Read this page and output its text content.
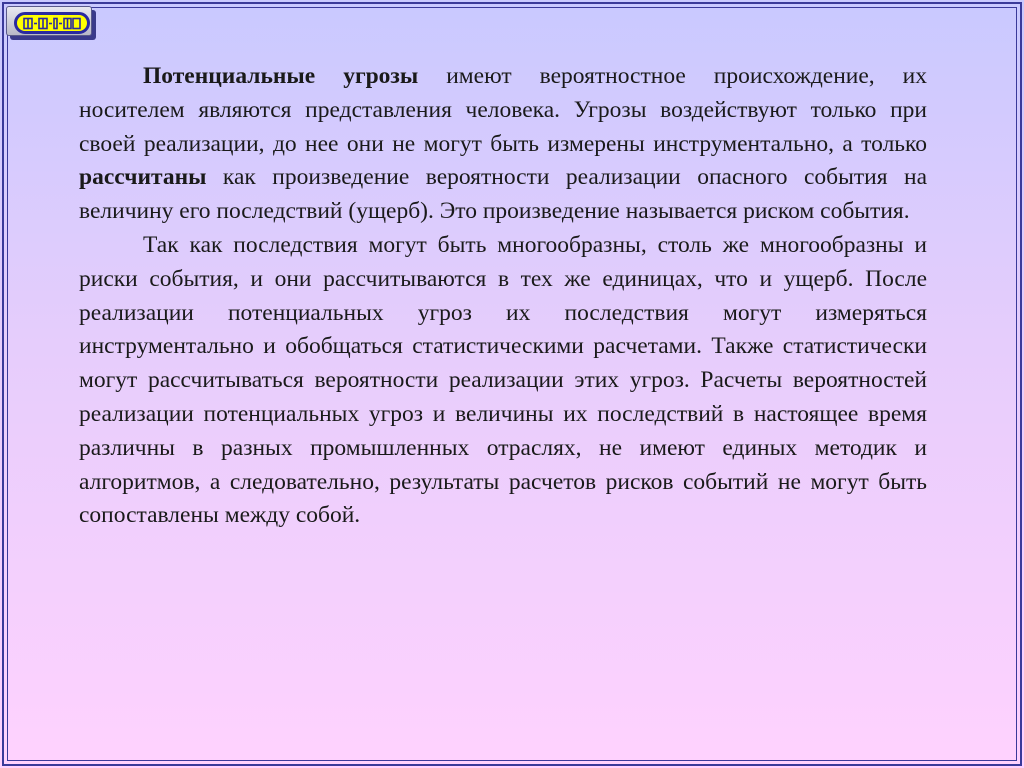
Потенциальные угрозы имеют вероятностное происхождение, их носителем являются представления человека. Угрозы воздействуют только при своей реализации, до нее они не могут быть измерены инструментально, а только рассчитаны как произведение вероятности реализации опасного события на величину его последствий (ущерб). Это произведение называется риском события.

Так как последствия могут быть многообразны, столь же многообразны и риски события, и они рассчитываются в тех же единицах, что и ущерб. После реализации потенциальных угроз их последствия могут измеряться инструментально и обобщаться статистическими расчетами. Также статистически могут рассчитываться вероятности реализации этих угроз. Расчеты вероятностей реализации потенциальных угроз и величины их последствий в настоящее время различны в разных промышленных отраслях, не имеют единых методик и алгоритмов, а следовательно, результаты расчетов рисков событий не могут быть сопоставлены между собой.
